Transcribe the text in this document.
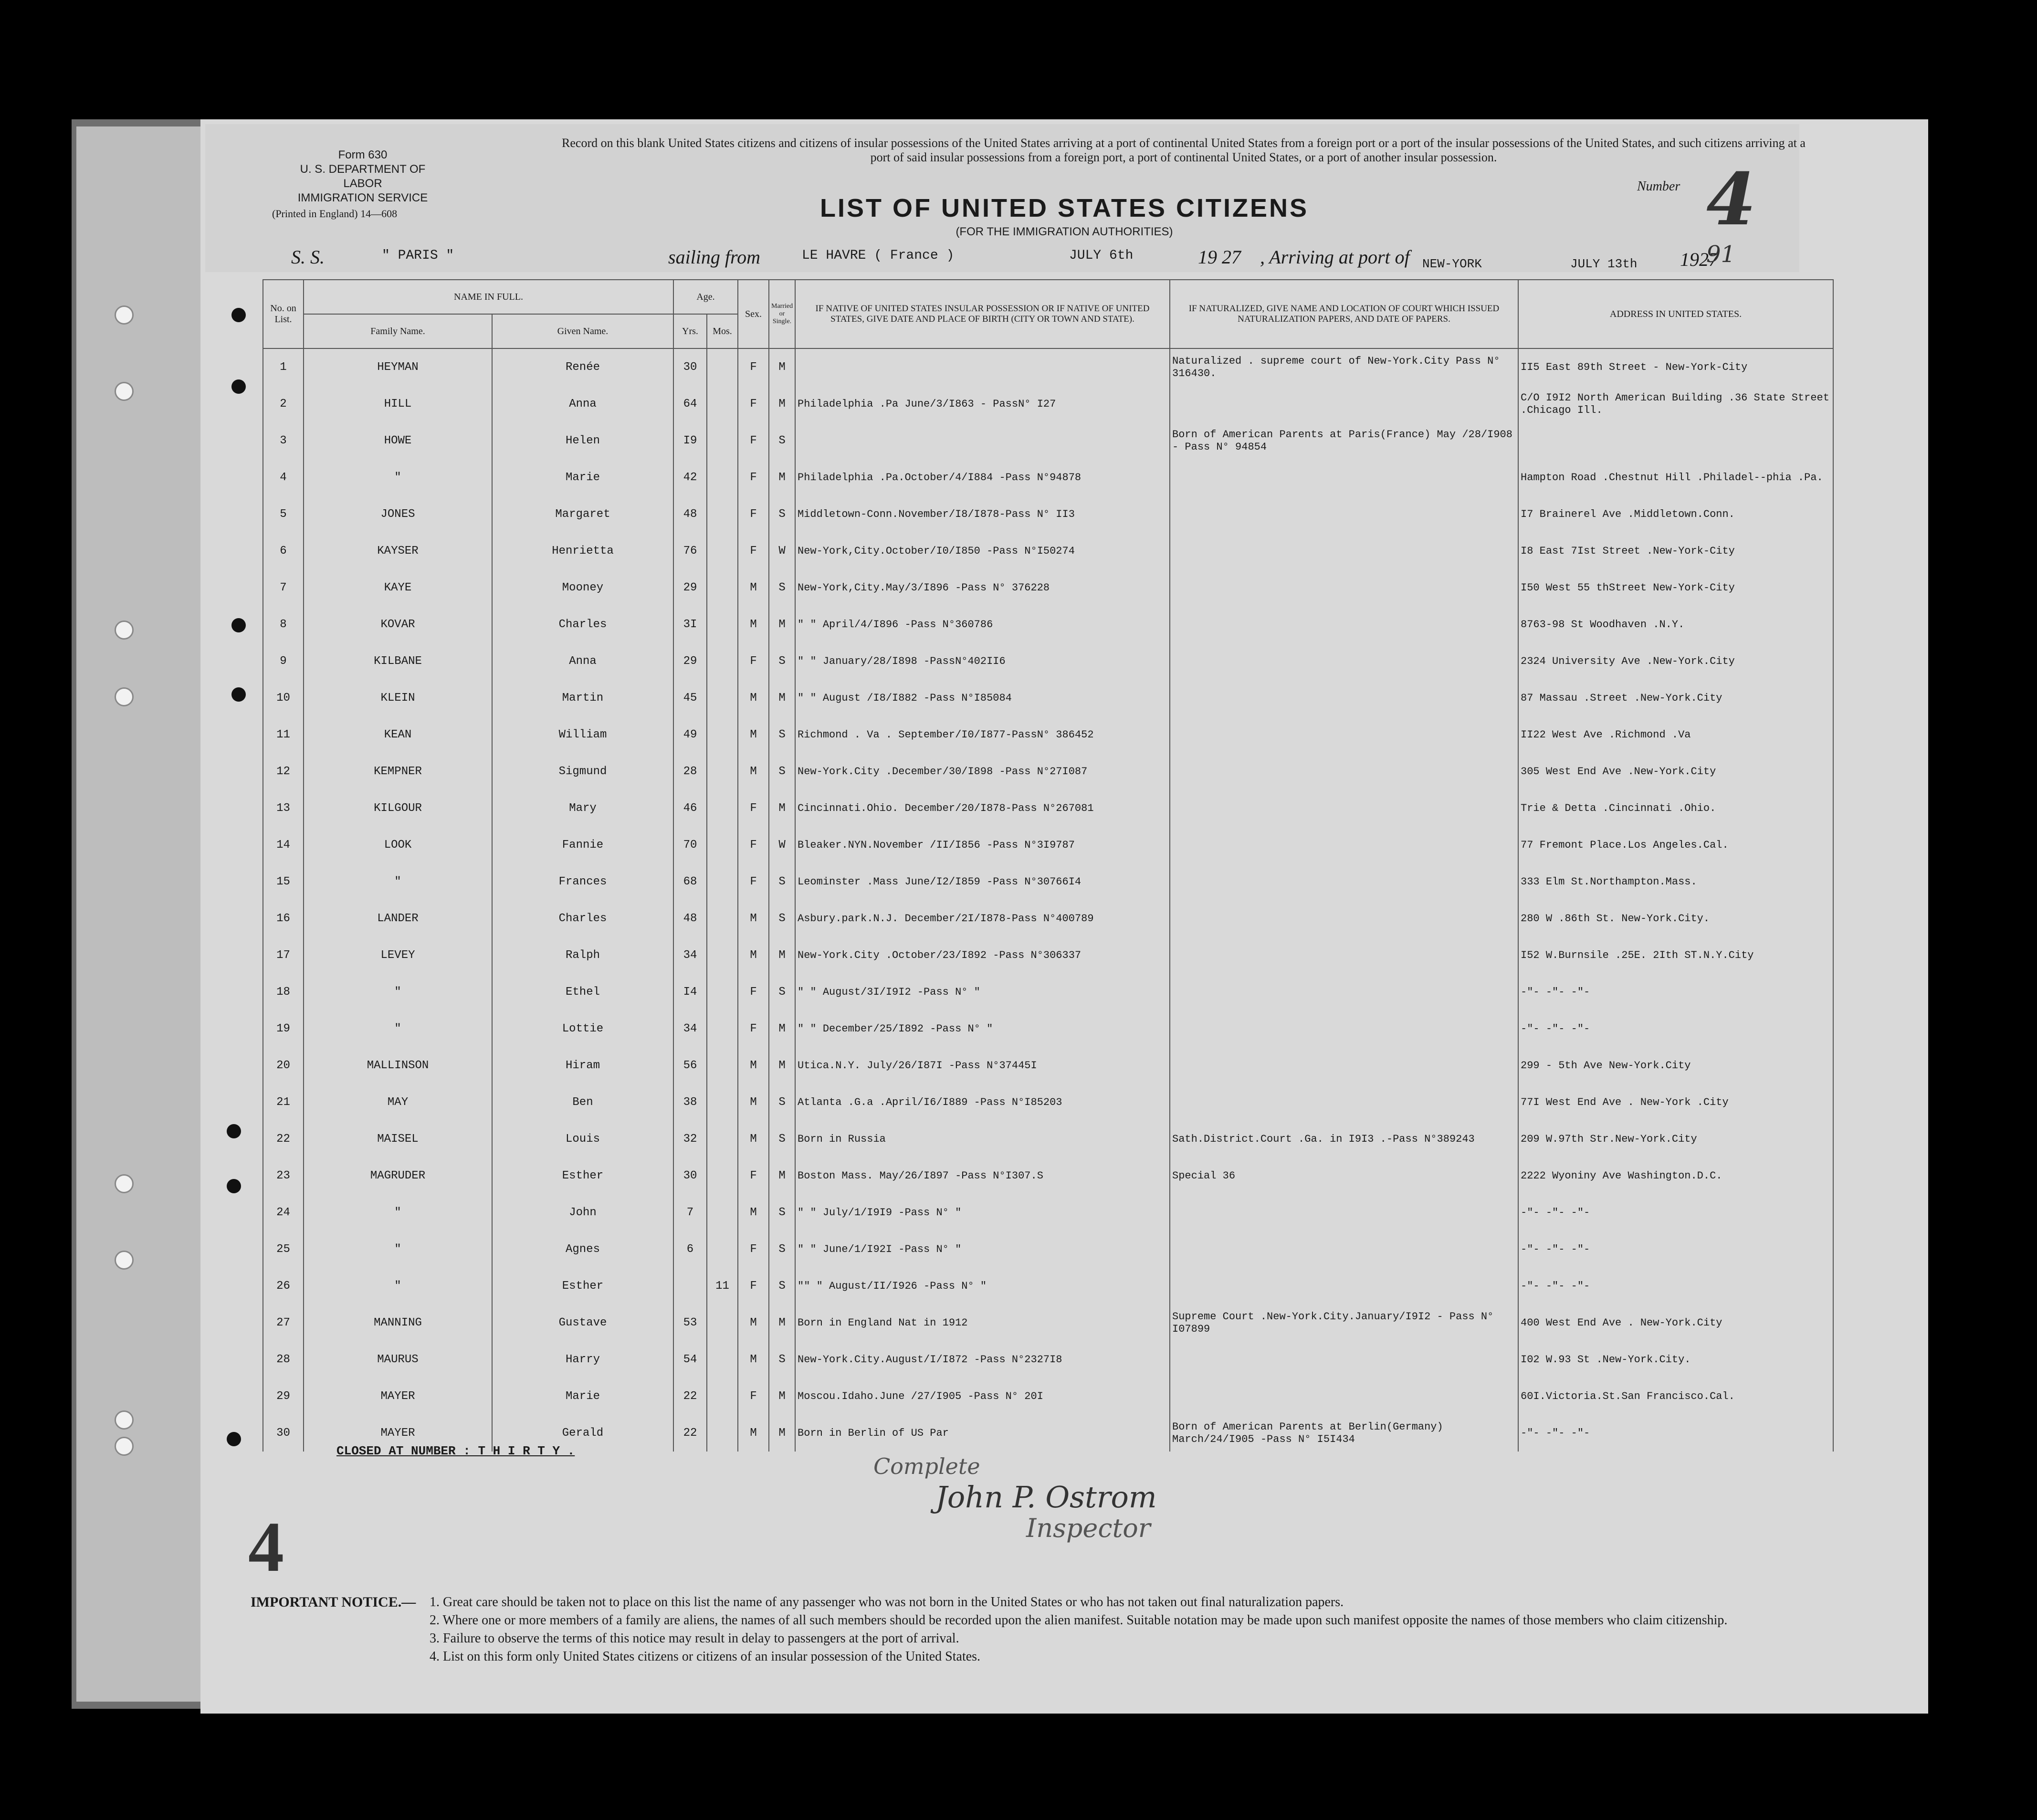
Form 630
U. S. DEPARTMENT OF LABOR
IMMIGRATION SERVICE
(Printed in England) 14—608
Record on this blank United States citizens and citizens of insular possessions of the United States arriving at a port of continental United States from a foreign port or a port of the insular possessions of the United States, and such citizens arriving at a port of said insular possessions from a foreign port, a port of continental United States, or a port of another insular possession.
LIST OF UNITED STATES CITIZENS
(FOR THE IMMIGRATION AUTHORITIES)
Number 4
S. S.	" PARIS "	sailing from	LE HAVRE ( France )	JULY 6th	19 27 , Arriving at port of NEW-YORK	JULY 13th 1927
91
No. on List.	NAME IN FULL.		Age.		Sex.	Married or Single.	IF NATIVE OF UNITED STATES INSULAR POSSESSION OR IF NATIVE OF UNITED STATES, GIVE DATE AND PLACE OF BIRTH (CITY OR TOWN AND STATE).	IF NATURALIZED, GIVE NAME AND LOCATION OF COURT WHICH ISSUED NATURALIZATION PAPERS, AND DATE OF PAPERS.	ADDRESS IN UNITED STATES.
	Family Name.	Given Name.	Yrs.	Mos.					
1	HEYMAN	Renée	30		F	M		Naturalized . supreme court of New-York.City Pass N° 316430.	II5 East 89th Street - New-York-City
2	HILL	Anna	64		F	M	Philadelphia .Pa June/3/I863 - PassN° I27		C/O I9I2 North American Building .36 State Street .Chicago Ill.
3	HOWE	Helen	I9		F	S		Born of American Parents at Paris(France) May /28/I908 - Pass N° 94854	
4	"	Marie	42		F	M	Philadelphia .Pa.October/4/I884 -Pass N°94878		Hampton Road .Chestnut Hill .Philadel--phia .Pa.
5	JONES	Margaret	48		F	S	Middletown-Conn.November/I8/I878-Pass N° II3		I7 Brainerel Ave .Middletown.Conn.
6	KAYSER	Henrietta	76		F	W	New-York,City.October/I0/I850 -Pass N°I50274		I8 East 7Ist Street .New-York-City
7	KAYE	Mooney	29		M	S	New-York,City.May/3/I896 -Pass N° 376228		I50 West 55 thStreet New-York-City
8	KOVAR	Charles	3I		M	M	" " April/4/I896 -Pass N°360786		8763-98 St Woodhaven .N.Y.
9	KILBANE	Anna	29		F	S	" " January/28/I898 -PassN°402II6		2324 University Ave .New-York.City
10	KLEIN	Martin	45		M	M	" " August /I8/I882 -Pass N°I85084		87 Massau .Street .New-York.City
11	KEAN	William	49		M	S	Richmond . Va . September/I0/I877-PassN° 386452		II22 West Ave .Richmond .Va
12	KEMPNER	Sigmund	28		M	S	New-York.City .December/30/I898 -Pass N°27I087		305 West End Ave .New-York.City
13	KILGOUR	Mary	46		F	M	Cincinnati.Ohio. December/20/I878-Pass N°267081		Trie & Detta .Cincinnati .Ohio.
14	LOOK	Fannie	70		F	W	Bleaker.NYN.November /II/I856 -Pass N°3I9787		77 Fremont Place.Los Angeles.Cal.
15	"	Frances	68		F	S	Leominster .Mass June/I2/I859 -Pass N°30766I4		333 Elm St.Northampton.Mass.
16	LANDER	Charles	48		M	S	Asbury.park.N.J. December/2I/I878-Pass N°400789		280 W .86th St. New-York.City.
17	LEVEY	Ralph	34		M	M	New-York.City .October/23/I892 -Pass N°306337		I52 W.Burnsile .25E. 2Ith ST.N.Y.City
18	"	Ethel	I4		F	S	" " August/3I/I9I2 -Pass N° "		-"- -"- -"-
19	"	Lottie	34		F	M	" " December/25/I892 -Pass N° "		-"- -"- -"-
20	MALLINSON	Hiram	56		M	M	Utica.N.Y. July/26/I87I -Pass N°37445I		299 - 5th Ave New-York.City
21	MAY	Ben	38		M	S	Atlanta .G.a .April/I6/I889 -Pass N°I85203		77I West End Ave . New-York .City
22	MAISEL	Louis	32		M	S	Born in Russia	Sath.District.Court .Ga. in I9I3 .-Pass N°389243	209 W.97th Str.New-York.City
23	MAGRUDER	Esther	30		F	M	Boston Mass. May/26/I897 -Pass N°I307.S	Special 36	2222 Wyoniny Ave Washington.D.C.
24	"	John	7		M	S	" " July/1/I9I9 -Pass N° "		-"- -"- -"-
25	"	Agnes	6		F	S	" " June/1/I92I -Pass N° "		-"- -"- -"-
26	"	Esther		11	F	S	"" " August/II/I926 -Pass N° "		-"- -"- -"-
27	MANNING	Gustave	53		M	M	Born in England Nat in 1912	Supreme Court .New-York.City.January/I9I2 - Pass N° I07899	400 West End Ave . New-York.City
28	MAURUS	Harry	54		M	S	New-York.City.August/I/I872 -Pass N°2327I8		I02 W.93 St .New-York.City.
29	MAYER	Marie	22		F	M	Moscou.Idaho.June /27/I905 -Pass N° 20I		60I.Victoria.St.San Francisco.Cal.
30	MAYER	Gerald	22		M	M	Born in Berlin of US Par	Born of American Parents at Berlin(Germany) March/24/I905 -Pass N° I5I434	-"- -"- -"-
CLOSED AT NUMBER : T H I R T Y .
Complete
John P. Ostrom
Inspector
4
IMPORTANT NOTICE.— 1. Great care should be taken not to place on this list the name of any passenger who was not born in the United States or who has not taken out final naturalization papers.
2. Where one or more members of a family are aliens, the names of all such members should be recorded upon the alien manifest. Suitable notation may be made upon such manifest opposite the names of those members who claim citizenship.
3. Failure to observe the terms of this notice may result in delay to passengers at the port of arrival.
4. List on this form only United States citizens or citizens of an insular possession of the United States.
